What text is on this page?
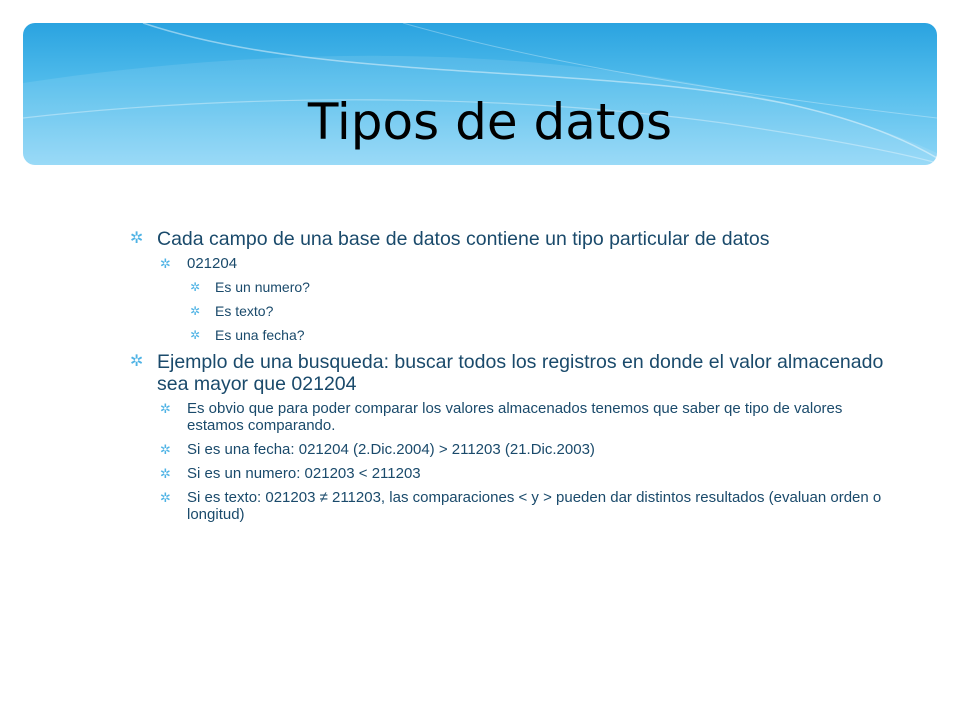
Tipos de datos
✲ Cada campo de una base de datos contiene un tipo particular de datos
✲ 021204
✲ Es un numero?
✲ Es texto?
✲ Es una fecha?
✲ Ejemplo de una busqueda: buscar todos los registros en donde el valor almacenado sea mayor que 021204
✲ Es obvio que para poder comparar los valores almacenados tenemos que saber qe tipo de valores estamos comparando.
✲ Si es una fecha: 021204 (2.Dic.2004) > 211203 (21.Dic.2003)
✲ Si es un numero: 021203 < 211203
✲ Si es texto: 021203 ≠ 211203, las comparaciones < y > pueden dar distintos resultados (evaluan orden o longitud)
